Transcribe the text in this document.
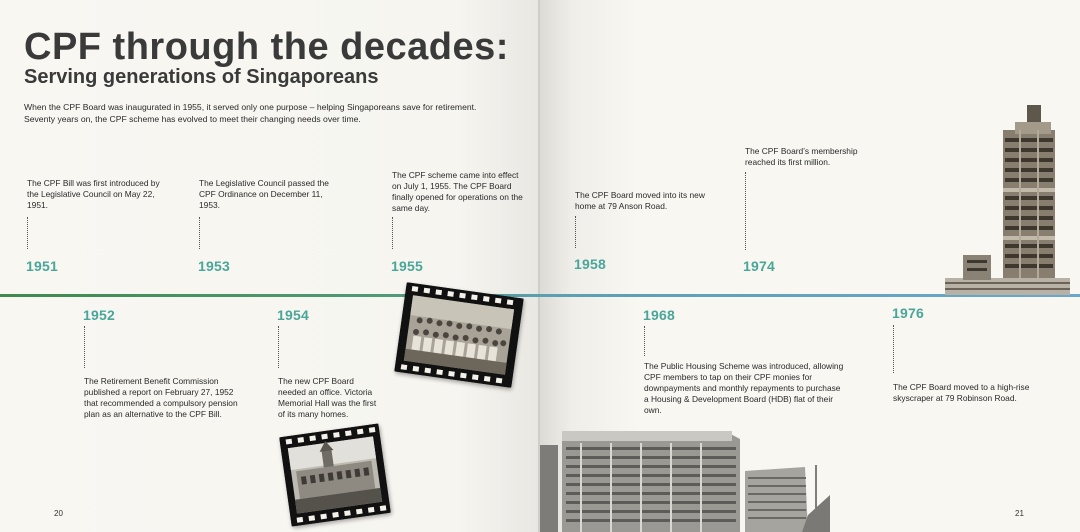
CPF through the decades:
Serving generations of Singaporeans

When the CPF Board was inaugurated in 1955, it served only one purpose – helping Singaporeans save for retirement. Seventy years on, the CPF scheme has evolved to meet their changing needs over time.

The CPF Bill was first introduced by the Legislative Council on May 22, 1951.
1951
The Legislative Council passed the CPF Ordinance on December 11, 1953.
1953
The CPF scheme came into effect on July 1, 1955. The CPF Board finally opened for operations on the same day.
1955
The CPF Board moved into its new home at 79 Anson Road.
1958
The CPF Board’s membership reached its first million.
1974
1952
The Retirement Benefit Commission published a report on February 27, 1952 that recommended a compulsory pension plan as an alternative to the CPF Bill.
1954
The new CPF Board needed an office. Victoria Memorial Hall was the first of its many homes.
1968
The Public Housing Scheme was introduced, allowing CPF members to tap on their CPF monies for downpayments and monthly repayments to purchase a Housing & Development Board (HDB) flat of their own.
1976
The CPF Board moved to a high-rise skyscraper at 79 Robinson Road.
20	21
